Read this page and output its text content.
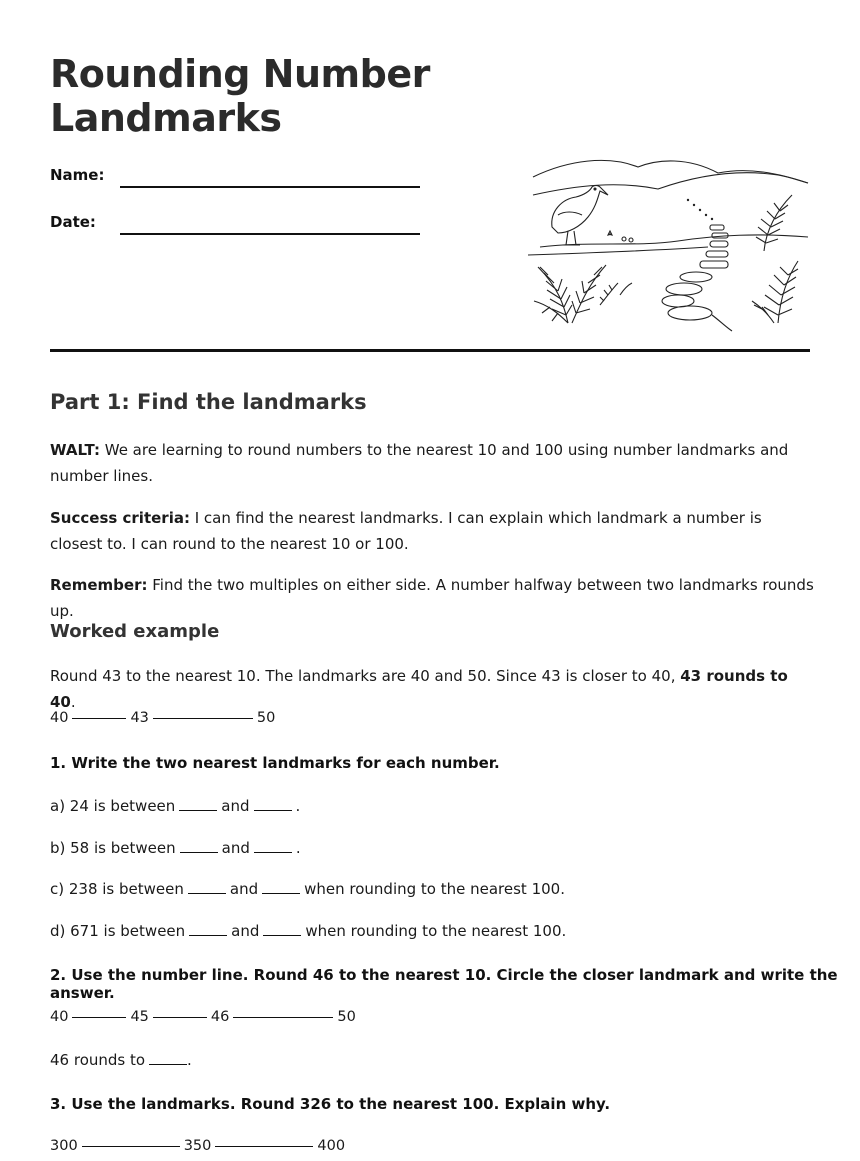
Rounding Number
Landmarks
Name:
Date:
Part 1: Find the landmarks

WALT: We are learning to round numbers to the nearest 10 and 100 using number landmarks and number lines.

Success criteria: I can find the nearest landmarks. I can explain which landmark a number is closest to. I can round to the nearest 10 or 100.

Remember: Find the two multiples on either side. A number halfway between two landmarks rounds up.

Worked example

Round 43 to the nearest 10. The landmarks are 40 and 50. Since 43 is closer to 40, 43 rounds to 40.

40	43	50

1. Write the two nearest landmarks for each number.

a) 24 is between	and	.

b) 58 is between	and	.

c) 238 is between	and	when rounding to the nearest 100.

d) 671 is between	and	when rounding to the nearest 100.

2. Use the number line. Round 46 to the nearest 10. Circle the closer landmark and write the answer.

40	45	46	50

46 rounds to	.

3. Use the landmarks. Round 326 to the nearest 100. Explain why.

300	350	400
